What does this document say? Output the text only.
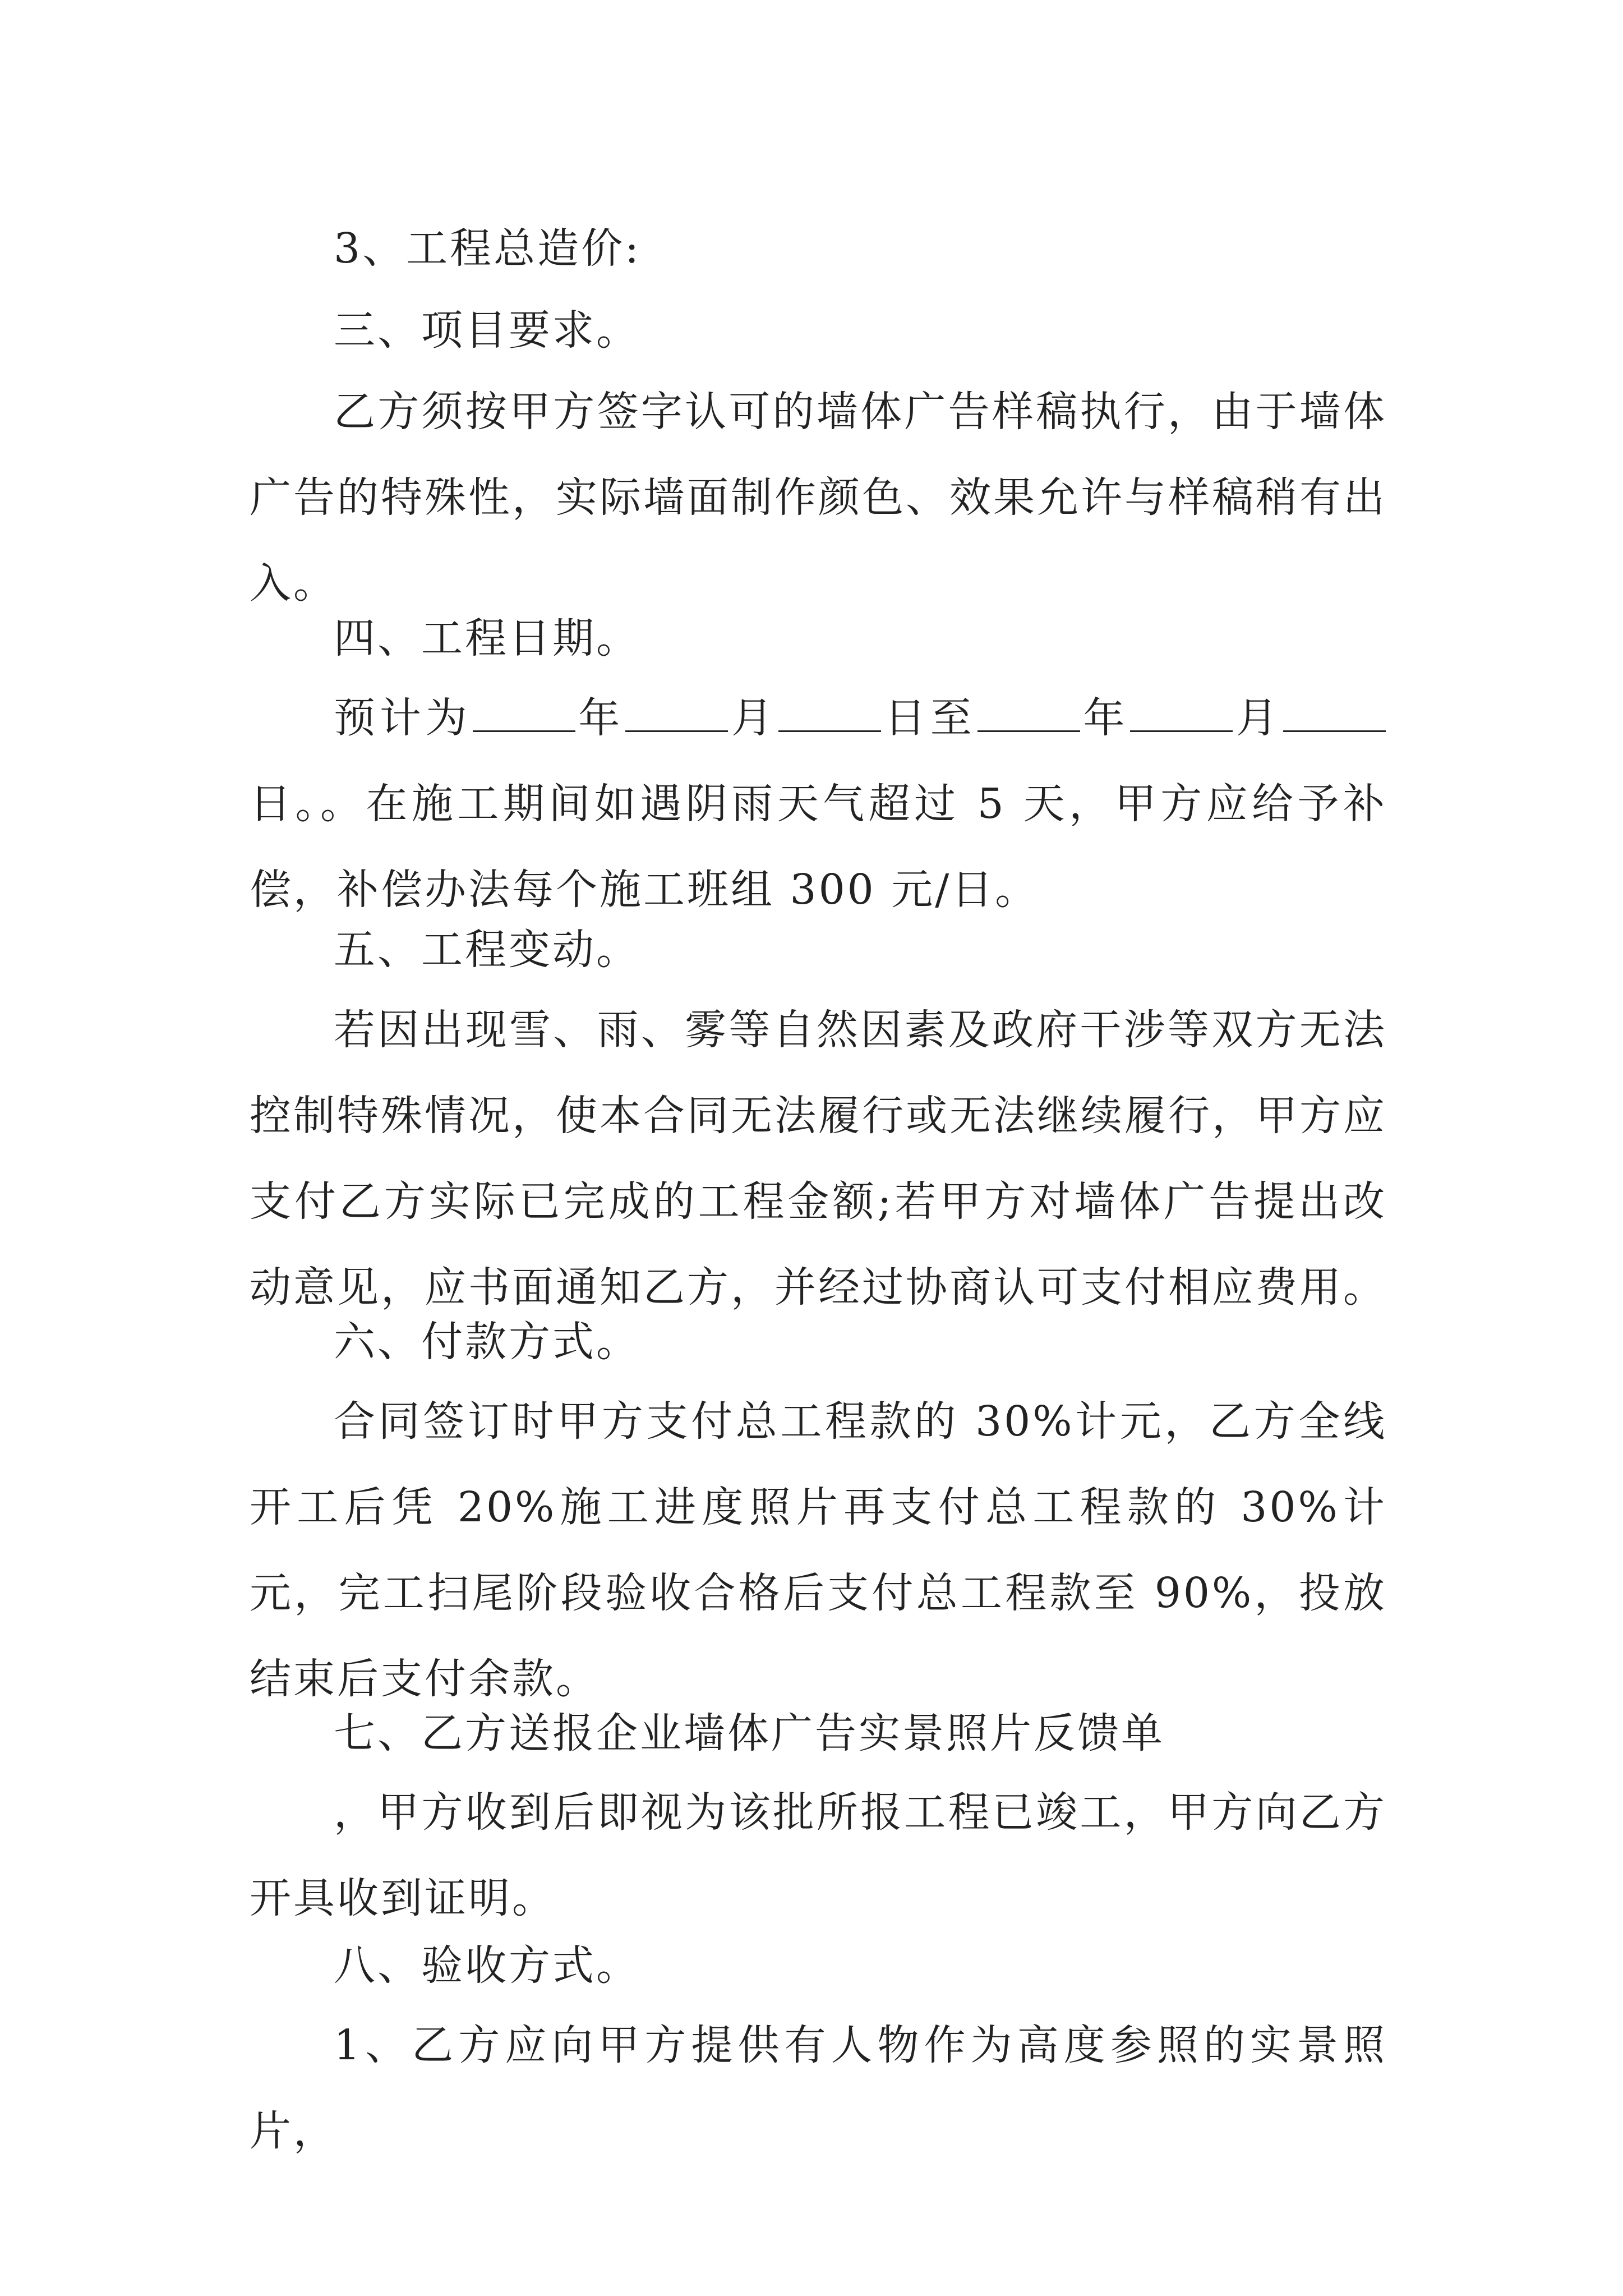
3、工程总造价:

三、项目要求。

乙方须按甲方签字认可的墙体广告样稿执行，由于墙体广告的特殊性，实际墙面制作颜色、效果允许与样稿稍有出入。

四、工程日期。

预计为	年	月	日至	年	月日。。在施工期间如遇阴雨天气超过 5 天，甲方应给予补偿，补偿办法每个施工班组 300 元/日。

五、工程变动。

若因出现雪、雨、雾等自然因素及政府干涉等双方无法控制特殊情况，使本合同无法履行或无法继续履行，甲方应支付乙方实际已完成的工程金额;若甲方对墙体广告提出改动意见，应书面通知乙方，并经过协商认可支付相应费用。

六、付款方式。

合同签订时甲方支付总工程款的 30%计元，乙方全线开工后凭 20%施工进度照片再支付总工程款的 30%计元，完工扫尾阶段验收合格后支付总工程款至 90%，投放结束后支付余款。

七、乙方送报企业墙体广告实景照片反馈单

，甲方收到后即视为该批所报工程已竣工，甲方向乙方开具收到证明。

八、验收方式。

1、乙方应向甲方提供有人物作为高度参照的实景照片，
